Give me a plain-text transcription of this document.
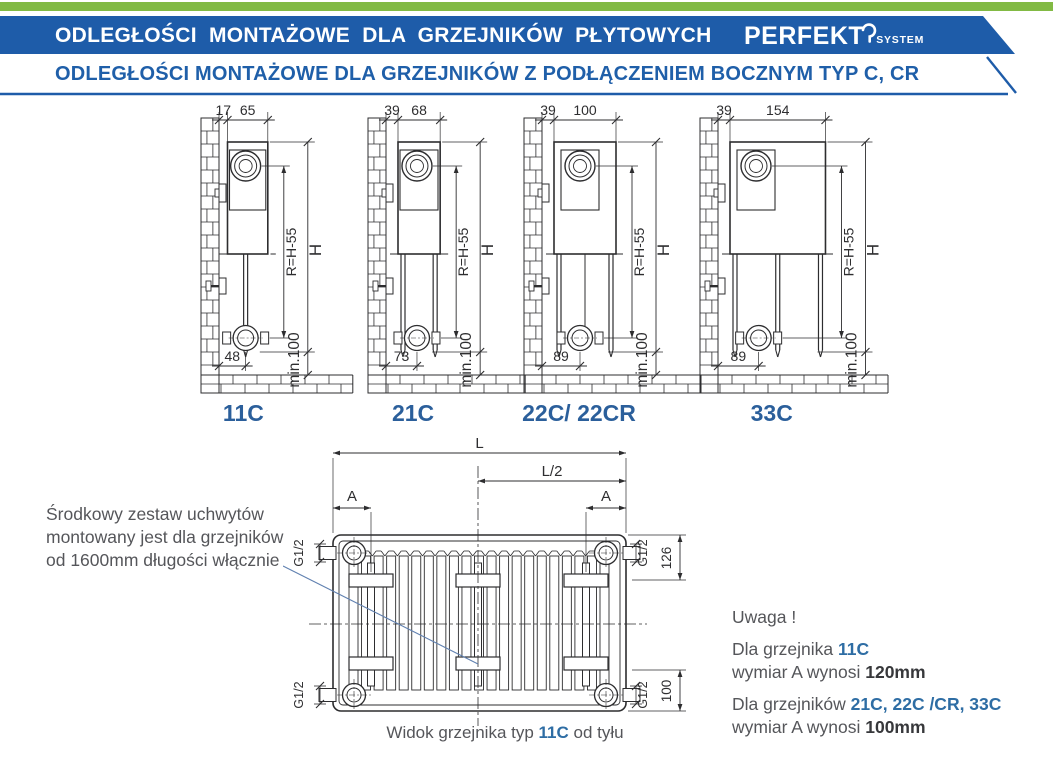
ODLEGŁOŚCI MONTAŻOWE DLA GRZEJNIKÓW PŁYTOWYCH PERFEKT SYSTEM
ODLEGŁOŚCI MONTAŻOWE DLA GRZEJNIKÓW Z PODŁĄCZENIEM BOCZNYM TYP C, CR
17 65
H
R=H-55
min.100
48
11C
39 68
H
R=H-55
min.100
73
21C
39 100
H
R=H-55
min.100
89
22C/ 22CR
39 154
H
R=H-55
min.100
89
33C
G1/2	G1/2
G1/2	G1/2
L
L/2
A	A
126
100
Środkowy zestaw uchwytów
montowany jest dla grzejników
od 1600mm długości włącznie
Uwaga !
Dla grzejnika 11C
wymiar A wynosi 120mm
Dla grzejników 21C, 22C /CR, 33C
wymiar A wynosi 100mm
Widok grzejnika typ 11C od tyłu
